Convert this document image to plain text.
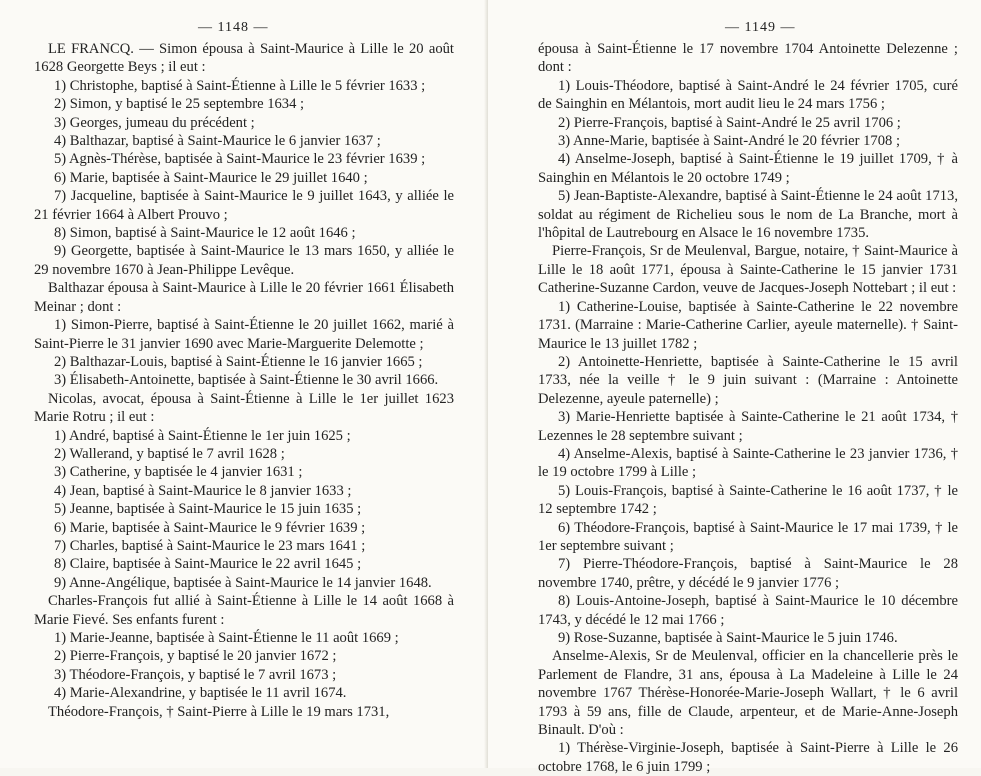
— 1148 —

LE FRANCQ. — Simon épousa à Saint-Maurice à Lille le 20 août 1628 Georgette Beys ; il eut :

1) Christophe, baptisé à Saint-Étienne à Lille le 5 février 1633 ;

2) Simon, y baptisé le 25 septembre 1634 ;

3) Georges, jumeau du précédent ;

4) Balthazar, baptisé à Saint-Maurice le 6 janvier 1637 ;

5) Agnès-Thérèse, baptisée à Saint-Maurice le 23 février 1639 ;

6) Marie, baptisée à Saint-Maurice le 29 juillet 1640 ;

7) Jacqueline, baptisée à Saint-Maurice le 9 juillet 1643, y alliée le 21 février 1664 à Albert Prouvo ;

8) Simon, baptisé à Saint-Maurice le 12 août 1646 ;

9) Georgette, baptisée à Saint-Maurice le 13 mars 1650, y alliée le 29 novembre 1670 à Jean-Philippe Levêque.

Balthazar épousa à Saint-Maurice à Lille le 20 février 1661 Élisabeth Meinar ; dont :

1) Simon-Pierre, baptisé à Saint-Étienne le 20 juillet 1662, marié à Saint-Pierre le 31 janvier 1690 avec Marie-Marguerite Delemotte ;

2) Balthazar-Louis, baptisé à Saint-Étienne le 16 janvier 1665 ;

3) Élisabeth-Antoinette, baptisée à Saint-Étienne le 30 avril 1666.

Nicolas, avocat, épousa à Saint-Étienne à Lille le 1er juillet 1623 Marie Rotru ; il eut :

1) André, baptisé à Saint-Étienne le 1er juin 1625 ;

2) Wallerand, y baptisé le 7 avril 1628 ;

3) Catherine, y baptisée le 4 janvier 1631 ;

4) Jean, baptisé à Saint-Maurice le 8 janvier 1633 ;

5) Jeanne, baptisée à Saint-Maurice le 15 juin 1635 ;

6) Marie, baptisée à Saint-Maurice le 9 février 1639 ;

7) Charles, baptisé à Saint-Maurice le 23 mars 1641 ;

8) Claire, baptisée à Saint-Maurice le 22 avril 1645 ;

9) Anne-Angélique, baptisée à Saint-Maurice le 14 janvier 1648.

Charles-François fut allié à Saint-Étienne à Lille le 14 août 1668 à Marie Fievé. Ses enfants furent :

1) Marie-Jeanne, baptisée à Saint-Étienne le 11 août 1669 ;

2) Pierre-François, y baptisé le 20 janvier 1672 ;

3) Théodore-François, y baptisé le 7 avril 1673 ;

4) Marie-Alexandrine, y baptisée le 11 avril 1674.

Théodore-François, † Saint-Pierre à Lille le 19 mars 1731,

— 1149 —

épousa à Saint-Étienne le 17 novembre 1704 Antoinette Delezenne ; dont :

1) Louis-Théodore, baptisé à Saint-André le 24 février 1705, curé de Sainghin en Mélantois, mort audit lieu le 24 mars 1756 ;

2) Pierre-François, baptisé à Saint-André le 25 avril 1706 ;

3) Anne-Marie, baptisée à Saint-André le 20 février 1708 ;

4) Anselme-Joseph, baptisé à Saint-Étienne le 19 juillet 1709, † à Sainghin en Mélantois le 20 octobre 1749 ;

5) Jean-Baptiste-Alexandre, baptisé à Saint-Étienne le 24 août 1713, soldat au régiment de Richelieu sous le nom de La Branche, mort à l'hôpital de Lautrebourg en Alsace le 16 novembre 1735.

Pierre-François, Sr de Meulenval, Bargue, notaire, † Saint-Maurice à Lille le 18 août 1771, épousa à Sainte-Catherine le 15 janvier 1731 Catherine-Suzanne Cardon, veuve de Jacques-Joseph Nottebart ; il eut :

1) Catherine-Louise, baptisée à Sainte-Catherine le 22 novembre 1731. (Marraine : Marie-Catherine Carlier, ayeule maternelle). † Saint-Maurice le 13 juillet 1782 ;

2) Antoinette-Henriette, baptisée à Sainte-Catherine le 15 avril 1733, née la veille † le 9 juin suivant : (Marraine : Antoinette Delezenne, ayeule paternelle) ;

3) Marie-Henriette baptisée à Sainte-Catherine le 21 août 1734, † Lezennes le 28 septembre suivant ;

4) Anselme-Alexis, baptisé à Sainte-Catherine le 23 janvier 1736, † le 19 octobre 1799 à Lille ;

5) Louis-François, baptisé à Sainte-Catherine le 16 août 1737, † le 12 septembre 1742 ;

6) Théodore-François, baptisé à Saint-Maurice le 17 mai 1739, † le 1er septembre suivant ;

7) Pierre-Théodore-François, baptisé à Saint-Maurice le 28 novembre 1740, prêtre, y décédé le 9 janvier 1776 ;

8) Louis-Antoine-Joseph, baptisé à Saint-Maurice le 10 décembre 1743, y décédé le 12 mai 1766 ;

9) Rose-Suzanne, baptisée à Saint-Maurice le 5 juin 1746.

Anselme-Alexis, Sr de Meulenval, officier en la chancellerie près le Parlement de Flandre, 31 ans, épousa à La Madeleine à Lille le 24 novembre 1767 Thérèse-Honorée-Marie-Joseph Wallart, † le 6 avril 1793 à 59 ans, fille de Claude, arpenteur, et de Marie-Anne-Joseph Binault. D'où :

1) Thérèse-Virginie-Joseph, baptisée à Saint-Pierre à Lille le 26 octobre 1768, le 6 juin 1799 ;
